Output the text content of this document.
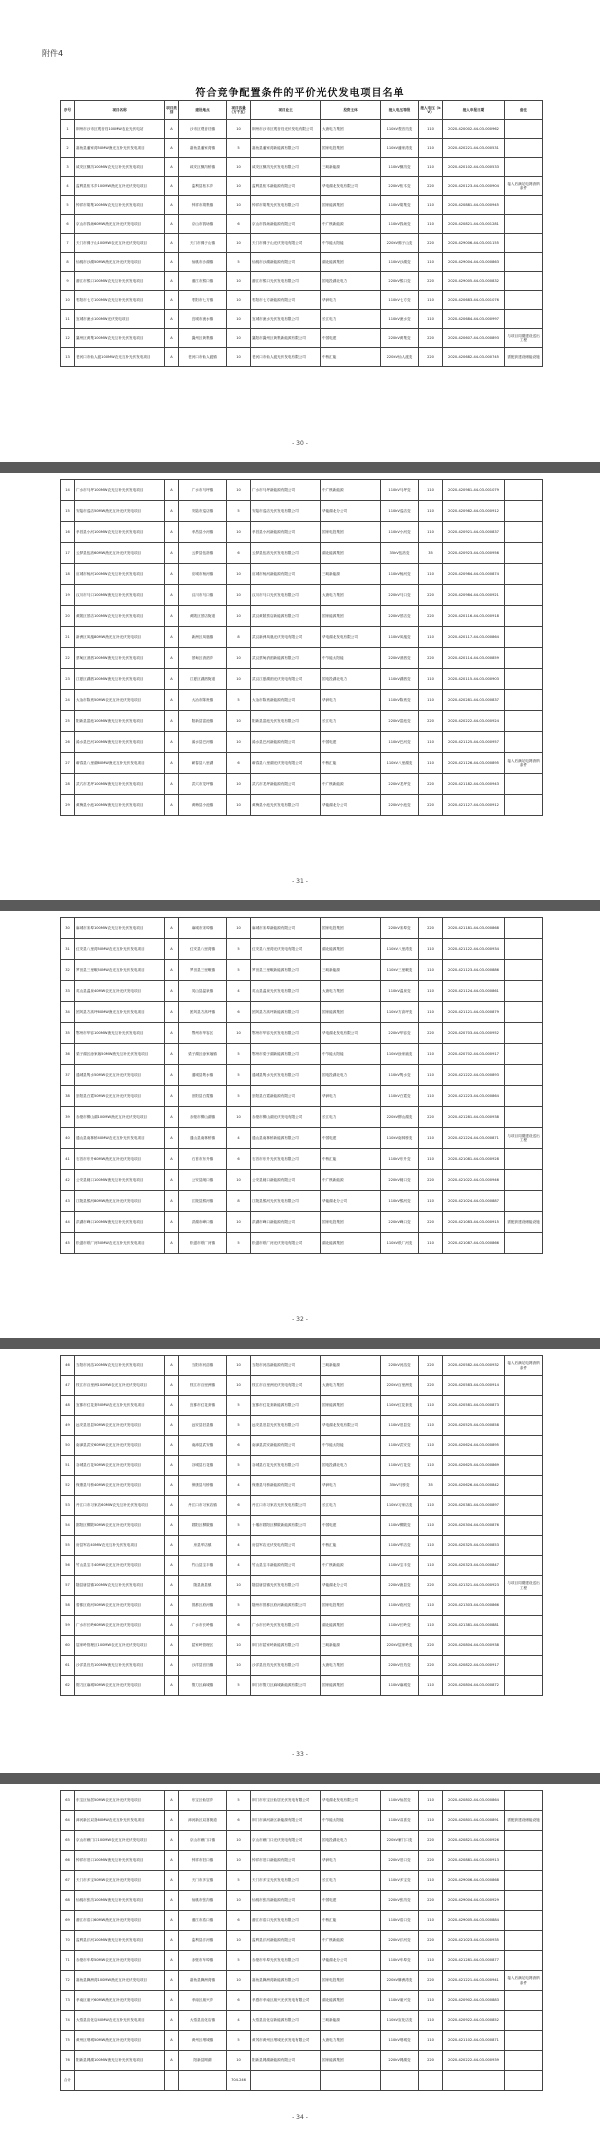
附件4
符合竞争配置条件的平价光伏发电项目名单
序号	项目名称	项目类别	建设地点	项目容量（万千瓦）	项目业主	投资主体	接入电压等级	接入电压（kV）	接入申报日期	备注
1	荆州市沙市区观音垱100MW农业光伏电站	A	沙市区观音垱镇	10	荆州市沙市区观音垱光伏发电有限公司	大唐电力集团	110kV观音垱变	110	2020-420002-44-03-000962	
2	嘉鱼县潘家湾50MW渔光互补光伏发电项目	A	嘉鱼县潘家湾镇	5	嘉鱼县潘家湾新能源有限公司	国家电投集团	110kV潘家湾变	110	2020-420221-44-03-000531	
3	咸安区横沟100MW农光互补光伏发电项目	A	咸安区横沟桥镇	10	咸安区横沟光伏发电有限公司	三峡新能源	110kV横沟变	110	2020-420102-44-03-000533	
4	监利县柘木乡100MW渔光互补光伏发电项目	A	监利县柘木乡	10	监利县柘木新能源有限公司	华电湖北发电有限公司	220kV柘木变	220	2020-420123-44-03-000904	接入后满足电网消纳条件
5	钟祥市胡集100MW农光互补光伏发电项目	A	钟祥市胡集镇	10	钟祥市胡集光伏发电有限公司	国家能源集团	110kV胡集变	110	2020-420881-44-03-000945	
6	京山市钱场60MW渔光互补光伏发电项目	A	京山市钱场镇	6	京山市钱场新能源有限公司	中广核新能源	110kV钱场变	110	2020-420821-44-03-001281	
7	天门市佛子山100MW农光互补光伏发电项目	A	天门市佛子山镇	10	天门市佛子山光伏发电有限公司	中节能太阳能	220kV佛子山变	220	2020-429006-44-03-001155	
8	仙桃市沙湖50MW渔光互补光伏发电项目	A	仙桃市沙湖镇	5	仙桃市沙湖新能源有限公司	湖北能源集团	110kV沙湖变	110	2020-429004-44-03-000863	
9	潜江市熊口100MW农光互补光伏发电项目	A	潜江市熊口镇	10	潜江市熊口光伏发电有限公司	国电投湖北电力	220kV熊口变	220	2020-429005-44-03-000832	
10	枣阳市七方100MW农光互补光伏发电项目	A	枣阳市七方镇	10	枣阳市七方新能源有限公司	华润电力	110kV七方变	110	2020-420683-44-03-001076	
11	宜城市流水100MW光伏发电项目	A	宜城市流水镇	10	宜城市流水光伏发电有限公司	长江电力	110kV流水变	110	2020-420684-44-03-000997	
12	襄州区黄集100MW农光互补光伏发电项目	A	襄州区黄集镇	10	襄阳市襄州区黄集新能源有限公司	中国电建	220kV黄集变	220	2020-420607-44-03-000893	与项目同期建设送出工程
13	老河口市仙人渡100MW农光互补光伏发电项目	A	老河口市仙人渡镇	10	老河口市仙人渡光伏发电有限公司	中核汇能	220kV仙人渡变	220	2020-420682-44-03-000745	需配套建设储能设施
- 30 -
14	广水市马坪100MW农光互补光伏发电项目	A	广水市马坪镇	10	广水市马坪新能源有限公司	中广核新能源	110kV马坪变	110	2020-420981-44-03-001079	
15	安陆市巡店50MW渔光互补光伏发电项目	A	安陆市巡店镇	5	安陆市巡店光伏发电有限公司	华能湖北分公司	110kV巡店变	110	2020-420982-44-03-000912	
16	孝昌县小河100MW农光互补光伏发电项目	A	孝昌县小河镇	10	孝昌县小河新能源有限公司	国家电投集团	110kV小河变	110	2020-420921-44-03-000837	
17	云梦县伍洛60MW渔光互补光伏发电项目	A	云梦县伍洛镇	6	云梦县伍洛光伏发电有限公司	湖北能源集团	35kV伍洛变	35	2020-420923-44-03-000956	
18	应城市杨河100MW农光互补光伏发电项目	A	应城市杨河镇	10	应城市杨河新能源有限公司	三峡新能源	110kV杨河变	110	2020-420984-44-03-000874	
19	汉川市马口100MW渔光互补光伏发电项目	A	汉川市马口镇	10	汉川市马口光伏发电有限公司	大唐电力集团	220kV马口变	220	2020-420984-44-03-000921	
20	黄陂区蔡店100MW农光互补光伏发电项目	A	黄陂区蔡店街道	10	武汉黄陂蔡店新能源有限公司	国家能源集团	220kV蔡店变	220	2020-420116-44-03-000918	
21	新洲区凤凰80MW渔光互补光伏发电项目	A	新洲区凤凰镇	8	武汉新洲凤凰光伏发电有限公司	华电湖北发电有限公司	110kV凤凰变	110	2020-420117-44-03-000864	
22	蔡甸区消泗100MW渔光互补光伏发电项目	A	蔡甸区消泗乡	10	武汉蔡甸消泗新能源有限公司	中节能太阳能	220kV消泗变	220	2020-420114-44-03-000859	
23	江夏区湖泗100MW渔光互补光伏发电项目	A	江夏区湖泗街道	10	武汉江夏湖泗光伏发电有限公司	国电投湖北电力	110kV湖泗变	110	2020-420115-44-03-000903	
24	大冶市陈贵50MW农光互补光伏发电项目	A	大冶市陈贵镇	5	大冶市陈贵新能源有限公司	华润电力	110kV陈贵变	110	2020-420281-44-03-000837	
25	阳新县富池100MW渔光互补光伏发电项目	A	阳新县富池镇	10	阳新县富池光伏发电有限公司	长江电力	220kV富池变	220	2020-420222-44-03-000924	
26	浠水县巴河100MW渔光互补光伏发电项目	A	浠水县巴河镇	10	浠水县巴河新能源有限公司	中国电建	110kV巴河变	110	2020-421125-44-03-000957	
27	蕲春县八里湖60MW渔光互补光伏发电项目	A	蕲春县八里湖	6	蕲春县八里湖光伏发电有限公司	中核汇能	110kV八里湖变	110	2020-421126-44-03-000895	接入后满足电网消纳条件
28	武穴市龙坪100MW渔光互补光伏发电项目	A	武穴市龙坪镇	10	武穴市龙坪新能源有限公司	中广核新能源	220kV龙坪变	220	2020-421182-44-03-000943	
29	黄梅县小池100MW渔光互补光伏发电项目	A	黄梅县小池镇	10	黄梅县小池光伏发电有限公司	华能湖北分公司	220kV小池变	220	2020-421127-44-03-000912	
- 31 -
30	麻城市宋埠100MW农光互补光伏发电项目	A	麻城市宋埠镇	10	麻城市宋埠新能源有限公司	国家电投集团	220kV宋埠变	220	2020-421181-44-03-000868	
31	红安县八里湾50MW农光互补光伏发电项目	A	红安县八里湾镇	5	红安县八里湾光伏发电有限公司	湖北能源集团	110kV八里湾变	110	2020-421122-44-03-000934	
32	罗田县三里畈50MW农光互补光伏发电项目	A	罗田县三里畈镇	5	罗田县三里畈新能源有限公司	三峡新能源	110kV三里畈变	110	2020-421123-44-03-000886	
33	英山县温泉40MW农光互补光伏发电项目	A	英山县温泉镇	4	英山县温泉光伏发电有限公司	大唐电力集团	110kV温泉变	110	2020-421124-44-03-000861	
34	团风县方高坪60MW渔光互补光伏发电项目	A	团风县方高坪镇	6	团风县方高坪新能源有限公司	国家能源集团	110kV方高坪变	110	2020-421121-44-03-000879	
35	鄂州市华容100MW渔光互补光伏发电项目	A	鄂州市华容区	10	鄂州市华容光伏发电有限公司	华电湖北发电有限公司	220kV华容变	220	2020-420703-44-03-000952	
36	梁子湖区涂家垴50MW渔光互补光伏发电项目	A	梁子湖区涂家垴镇	5	鄂州市梁子湖新能源有限公司	中节能太阳能	110kV涂家垴变	110	2020-420702-44-03-000917	
37	通城县隽水50MW农光互补光伏发电项目	A	通城县隽水镇	5	通城县隽水光伏发电有限公司	国电投湖北电力	110kV隽水变	110	2020-421222-44-03-000893	
38	崇阳县白霓50MW农光互补光伏发电项目	A	崇阳县白霓镇	5	崇阳县白霓新能源有限公司	华润电力	110kV白霓变	110	2020-421223-44-03-000864	
39	赤壁市柳山湖100MW渔光互补光伏发电项目	A	赤壁市柳山湖镇	10	赤壁市柳山湖光伏发电有限公司	长江电力	220kV柳山湖变	220	2020-421281-44-03-000938	
40	通山县南林桥40MW农光互补光伏发电项目	A	通山县南林桥镇	4	通山县南林桥新能源有限公司	中国电建	110kV南林桥变	110	2020-421224-44-03-000871	与项目同期建设送出工程
41	石首市东升60MW渔光互补光伏发电项目	A	石首市东升镇	6	石首市东升光伏发电有限公司	中核汇能	110kV东升变	110	2020-421081-44-03-000928	
42	公安县闸口100MW渔光互补光伏发电项目	A	公安县闸口镇	10	公安县闸口新能源有限公司	中广核新能源	220kV闸口变	220	2020-421022-44-03-000946	
43	江陵县熊河80MW渔光互补光伏发电项目	A	江陵县熊河镇	8	江陵县熊河光伏发电有限公司	华能湖北分公司	110kV熊河变	110	2020-421024-44-03-000887	
44	洪湖市峰口100MW渔光互补光伏发电项目	A	洪湖市峰口镇	10	洪湖市峰口新能源有限公司	国家电投集团	220kV峰口变	220	2020-421083-44-03-000915	需配套建设储能设施
45	松滋市纸厂河50MW农光互补光伏发电项目	A	松滋市纸厂河镇	5	松滋市纸厂河光伏发电有限公司	湖北能源集团	110kV纸厂河变	110	2020-421087-44-03-000866	
- 32 -
46	当阳市河溶100MW农光互补光伏发电项目	A	当阳市河溶镇	10	当阳市河溶新能源有限公司	三峡新能源	220kV河溶变	220	2020-420582-44-03-000932	接入后满足电网消纳条件
47	枝江市百里洲100MW农光互补光伏发电项目	A	枝江市百里洲镇	10	枝江市百里洲光伏发电有限公司	大唐电力集团	220kV百里洲变	220	2020-420583-44-03-000914	
48	宜都市红花套50MW农光互补光伏发电项目	A	宜都市红花套镇	5	宜都市红花套新能源有限公司	国家能源集团	110kV红花套变	110	2020-420581-44-03-000873	
49	远安县旧县50MW农光互补光伏发电项目	A	远安县旧县镇	5	远安县旧县光伏发电有限公司	华电湖北发电有限公司	110kV旧县变	110	2020-420525-44-03-000858	
50	南漳县武安60MW农光互补光伏发电项目	A	南漳县武安镇	6	南漳县武安新能源有限公司	中节能太阳能	110kV武安变	110	2020-420624-44-03-000895	
51	谷城县石花50MW农光互补光伏发电项目	A	谷城县石花镇	5	谷城县石花光伏发电有限公司	国电投湖北电力	110kV石花变	110	2020-420625-44-03-000869	
52	保康县马桥40MW农光互补光伏发电项目	A	保康县马桥镇	4	保康县马桥新能源有限公司	华润电力	35kV马桥变	35	2020-420626-44-03-000842	
53	丹江口市习家店60MW农光互补光伏发电项目	A	丹江口市习家店镇	6	丹江口市习家店光伏发电有限公司	长江电力	110kV习家店变	110	2020-420381-44-03-000897	
54	郧阳区柳陂50MW农光互补光伏发电项目	A	郧阳区柳陂镇	5	十堰市郧阳区柳陂新能源有限公司	中国电建	110kV柳陂变	110	2020-420304-44-03-000876	
55	房县军店40MW农光互补光伏发电项目	A	房县军店镇	4	房县军店光伏发电有限公司	中核汇能	110kV军店变	110	2020-420325-44-03-000853	
56	竹山县宝丰40MW农光互补光伏发电项目	A	竹山县宝丰镇	4	竹山县宝丰新能源有限公司	中广核新能源	110kV宝丰变	110	2020-420323-44-03-000847	
57	随县唐县镇100MW农光互补光伏发电项目	A	随县唐县镇	10	随县唐县镇光伏发电有限公司	华能湖北分公司	220kV唐县变	220	2020-421321-44-03-000923	与项目同期建设送出工程
58	曾都区府河50MW农光互补光伏发电项目	A	曾都区府河镇	5	随州市曾都区府河新能源有限公司	国家电投集团	110kV府河变	110	2020-421303-44-03-000866	
59	广水市长岭60MW农光互补光伏发电项目	A	广水市长岭镇	6	广水市长岭光伏发电有限公司	湖北能源集团	110kV长岭变	110	2020-421381-44-03-000881	
60	屈家岭管理区100MW农光互补光伏发电项目	A	屈家岭管理区	10	荆门市屈家岭新能源有限公司	三峡新能源	220kV屈家岭变	220	2020-420804-44-03-000938	
61	沙洋县官垱100MW渔光互补光伏发电项目	A	沙洋县官垱镇	10	沙洋县官垱光伏发电有限公司	大唐电力集团	220kV官垱变	220	2020-420822-44-03-000917	
62	掇刀区麻城50MW农光互补光伏发电项目	A	掇刀区麻城镇	5	荆门市掇刀区麻城新能源有限公司	国家能源集团	110kV麻城变	110	2020-420804-44-03-000872	
- 33 -
63	东宝区仙居50MW农光互补光伏发电项目	A	东宝区仙居乡	5	荆门市东宝区仙居光伏发电有限公司	华电湖北发电有限公司	110kV仙居变	110	2020-420802-44-03-000864	
64	漳河新区双喜60MW农光互补光伏发电项目	A	漳河新区双喜街道	6	荆门市漳河新区新能源有限公司	中节能太阳能	110kV双喜变	110	2020-420801-44-03-000891	需配套建设储能设施
65	京山市雁门口100MW农光互补光伏发电项目	A	京山市雁门口镇	10	京山市雁门口光伏发电有限公司	国电投湖北电力	220kV雁门口变	220	2020-420821-44-03-000926	
66	钟祥市旧口100MW渔光互补光伏发电项目	A	钟祥市旧口镇	10	钟祥市旧口新能源有限公司	华润电力	220kV旧口变	220	2020-420881-44-03-000913	
67	天门市多宝50MW农光互补光伏发电项目	A	天门市多宝镇	5	天门市多宝光伏发电有限公司	长江电力	110kV多宝变	110	2020-429006-44-03-000868	
68	仙桃市张沟100MW渔光互补光伏发电项目	A	仙桃市张沟镇	10	仙桃市张沟新能源有限公司	中国电建	220kV张沟变	220	2020-429004-44-03-000929	
69	潜江市浩口60MW渔光互补光伏发电项目	A	潜江市浩口镇	6	潜江市浩口光伏发电有限公司	中核汇能	110kV浩口变	110	2020-429005-44-03-000884	
70	监利县汴河100MW渔光互补光伏发电项目	A	监利县汴河镇	10	监利县汴河新能源有限公司	中广核新能源	220kV汴河变	220	2020-421023-44-03-000935	
71	赤壁市车埠50MW农光互补光伏发电项目	A	赤壁市车埠镇	5	赤壁市车埠光伏发电有限公司	华能湖北分公司	110kV车埠变	110	2020-421281-44-03-000877	
72	嘉鱼县簰洲湾100MW渔光互补光伏发电项目	A	嘉鱼县簰洲湾镇	10	嘉鱼县簰洲湾新能源有限公司	国家电投集团	220kV簰洲湾变	220	2020-421221-44-03-000941	接入后满足电网消纳条件
73	孝南区朋兴60MW渔光互补光伏发电项目	A	孝南区朋兴乡	6	孝感市孝南区朋兴光伏发电有限公司	湖北能源集团	110kV朋兴变	110	2020-420902-44-03-000883	
74	大悟县宣化店40MW农光互补光伏发电项目	A	大悟县宣化店镇	4	大悟县宣化店新能源有限公司	三峡新能源	110kV宣化店变	110	2020-420922-44-03-000852	
75	黄州区堵城50MW渔光互补光伏发电项目	A	黄州区堵城镇	5	黄冈市黄州区堵城光伏发电有限公司	大唐电力集团	110kV堵城变	110	2020-421102-44-03-000871	
76	阳新县网湖100MW渔光互补光伏发电项目	A	阳新县网湖	10	阳新县网湖新能源有限公司	国家能源集团	220kV网湖变	220	2020-420222-44-03-000939	
合计				704.246						
- 34 -
